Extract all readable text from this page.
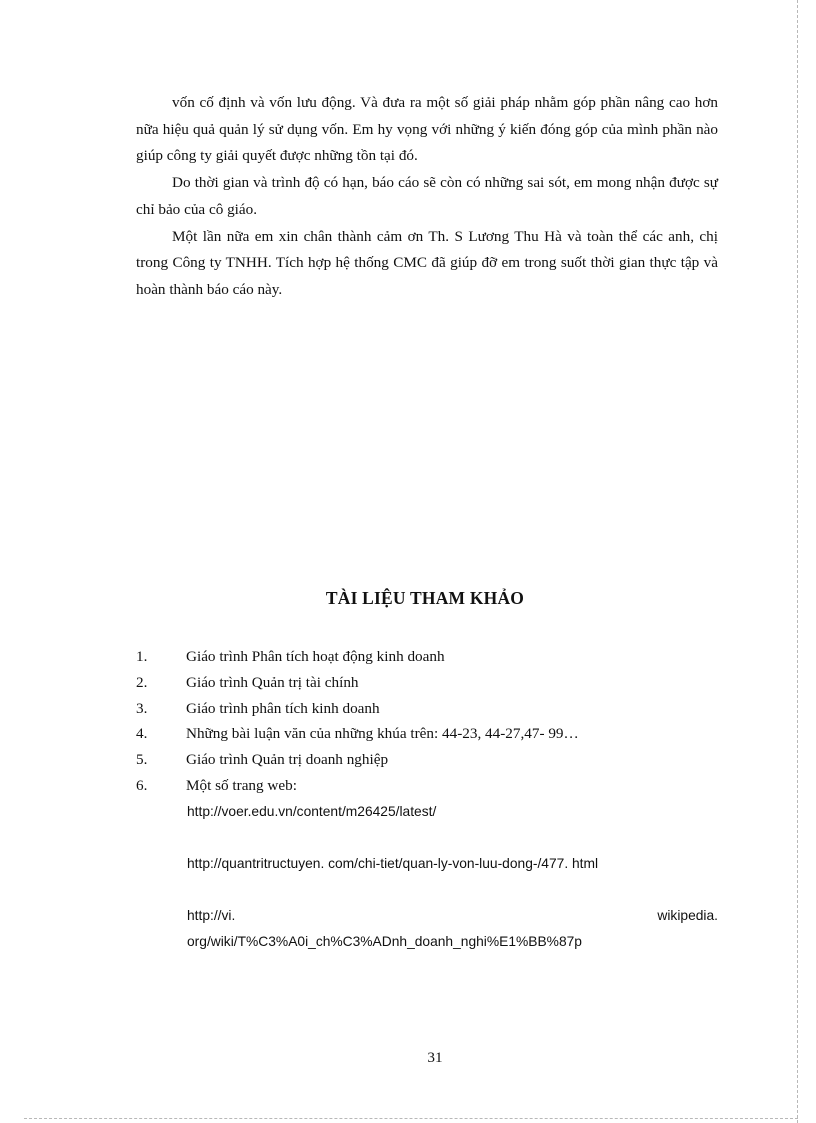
vốn cố định và vốn lưu động. Và đưa ra một số giải pháp nhằm góp phần nâng cao hơn nữa hiệu quả quản lý sử dụng vốn. Em hy vọng với những ý kiến đóng góp của mình phần nào giúp công ty giải quyết được những tồn tại đó.

Do thời gian và trình độ có hạn, báo cáo sẽ còn có những sai sót, em mong nhận được sự chỉ bảo của cô giáo.

Một lần nữa em xin chân thành cảm ơn Th. S Lương Thu Hà và toàn thể các anh, chị trong Công ty TNHH. Tích hợp hệ thống CMC đã giúp đỡ em trong suốt thời gian thực tập và hoàn thành báo cáo này.

TÀI LIỆU THAM KHẢO
1.	Giáo trình Phân tích hoạt động kinh doanh
2.	Giáo trình Quản trị tài chính
3.	Giáo trình phân tích kinh doanh
4.	Những bài luận văn của những khúa trên: 44-23, 44-27,47- 99…
5.	Giáo trình Quản trị doanh nghiệp
6.	Một số trang web:
http://voer.edu.vn/content/m26425/latest/
http://quantritructuyen. com/chi-tiet/quan-ly-von-luu-dong-/477. html
http://vi.	wikipedia.
org/wiki/T%C3%A0i_ch%C3%ADnh_doanh_nghi%E1%BB%87p
31
